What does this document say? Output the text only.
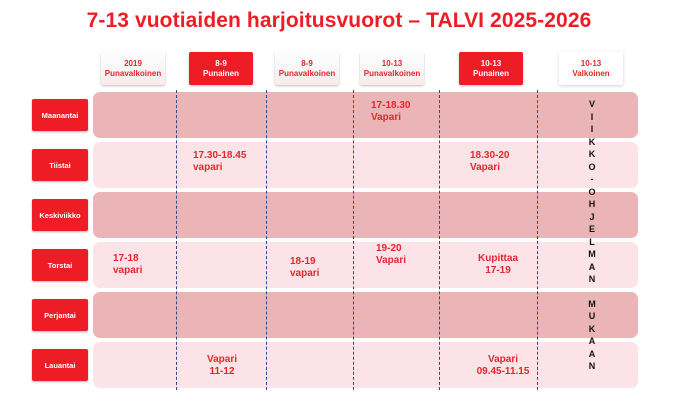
7-13 vuotiaiden harjoitusvuorot – TALVI 2025-2026
2019
Punavalkoinen
8-9
Punainen
8-9
Punavalkoinen
10-13
Punavalkoinen
10-13
Punainen
10-13
Valkoinen
Maanantai
Tiistai
Keskiviikko
Torstai
Perjantai
Lauantai
17-18.30
Vapari
17.30-18.45
vapari
18.30-20
Vapari
17-18
vapari
18-19
vapari
19-20
Vapari	Kupittaa
17-19
Vapari
11-12
Vapari
09.45-11.15
V
I
I
K
K
O
-
O
H
J
E
L
M
A
N
M
U
K
A
A
N
